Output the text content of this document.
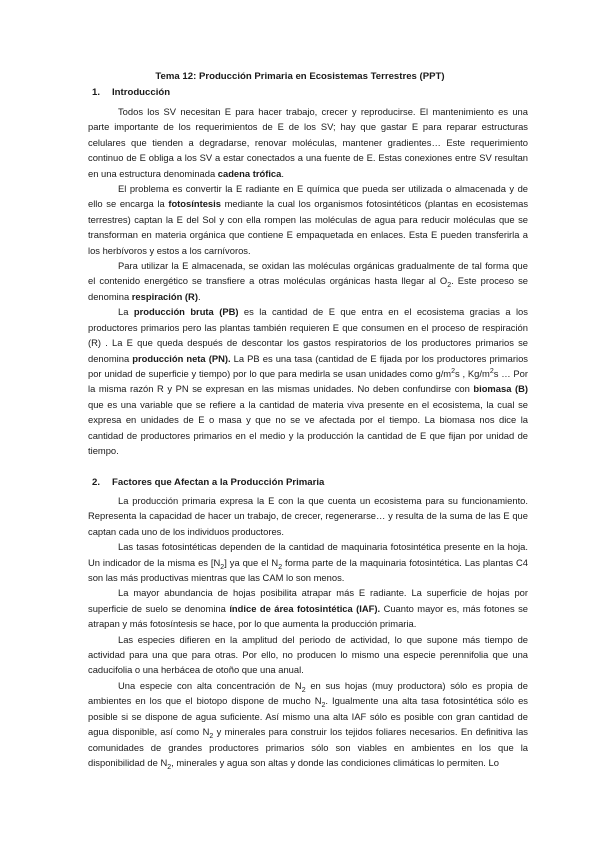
Tema 12: Producción Primaria en Ecosistemas Terrestres (PPT)
1. Introducción

Todos los SV necesitan E para hacer trabajo, crecer y reproducirse. El mantenimiento es una parte importante de los requerimientos de E de los SV; hay que gastar E para reparar estructuras celulares que tienden a degradarse, renovar moléculas, mantener gradientes… Este requerimiento continuo de E obliga a los SV a estar conectados a una fuente de E. Estas conexiones entre SV resultan en una estructura denominada cadena trófica.

El problema es convertir la E radiante en E química que pueda ser utilizada o almacenada y de ello se encarga la fotosíntesis mediante la cual los organismos fotosintéticos (plantas en ecosistemas terrestres) captan la E del Sol y con ella rompen las moléculas de agua para reducir moléculas que se transforman en materia orgánica que contiene E empaquetada en enlaces. Esta E pueden transferirla a los herbívoros y estos a los carnívoros.

Para utilizar la E almacenada, se oxidan las moléculas orgánicas gradualmente de tal forma que el contenido energético se transfiere a otras moléculas orgánicas hasta llegar al $O_2$. Este proceso se denomina respiración (R).

La producción bruta (PB) es la cantidad de E que entra en el ecosistema gracias a los productores primarios pero las plantas también requieren E que consumen en el proceso de respiración (R) . La E que queda después de descontar los gastos respiratorios de los productores primarios se denomina producción neta (PN). La PB es una tasa (cantidad de E fijada por los productores primarios por unidad de superficie y tiempo) por lo que para medirla se usan unidades como $g/m^2s$ , $Kg/m^2s$ … Por la misma razón R y PN se expresan en las mismas unidades. No deben confundirse con biomasa (B) que es una variable que se refiere a la cantidad de materia viva presente en el ecosistema, la cual se expresa en unidades de E o masa y que no se ve afectada por el tiempo. La biomasa nos dice la cantidad de productores primarios en el medio y la producción la cantidad de E que fijan por unidad de tiempo.

2. Factores que Afectan a la Producción Primaria

La producción primaria expresa la E con la que cuenta un ecosistema para su funcionamiento. Representa la capacidad de hacer un trabajo, de crecer, regenerarse… y resulta de la suma de las E que captan cada uno de los individuos productores.

Las tasas fotosintéticas dependen de la cantidad de maquinaria fotosintética presente en la hoja. Un indicador de la misma es $[N_2]$ ya que el $N_2$ forma parte de la maquinaria fotosintética. Las plantas C4 son las más productivas mientras que las CAM lo son menos.

La mayor abundancia de hojas posibilita atrapar más E radiante. La superficie de hojas por superficie de suelo se denomina índice de área fotosintética (IAF). Cuanto mayor es, más fotones se atrapan y más fotosíntesis se hace, por lo que aumenta la producción primaria.

Las especies difieren en la amplitud del periodo de actividad, lo que supone más tiempo de actividad para una que para otras. Por ello, no producen lo mismo una especie perennifolia que una caducifolia o una herbácea de otoño que una anual.

Una especie con alta concentración de $N_2$ en sus hojas (muy productora) sólo es propia de ambientes en los que el biotopo dispone de mucho $N_2$. Igualmente una alta tasa fotosintética sólo es posible si se dispone de agua suficiente. Así mismo una alta IAF sólo es posible con gran cantidad de agua disponible, así como $N_2$ y minerales para construir los tejidos foliares necesarios. En definitiva las comunidades de grandes productores primarios sólo son viables en ambientes en los que la disponibilidad de $N_2$, minerales y agua son altas y donde las condiciones climáticas lo permiten. Lo
